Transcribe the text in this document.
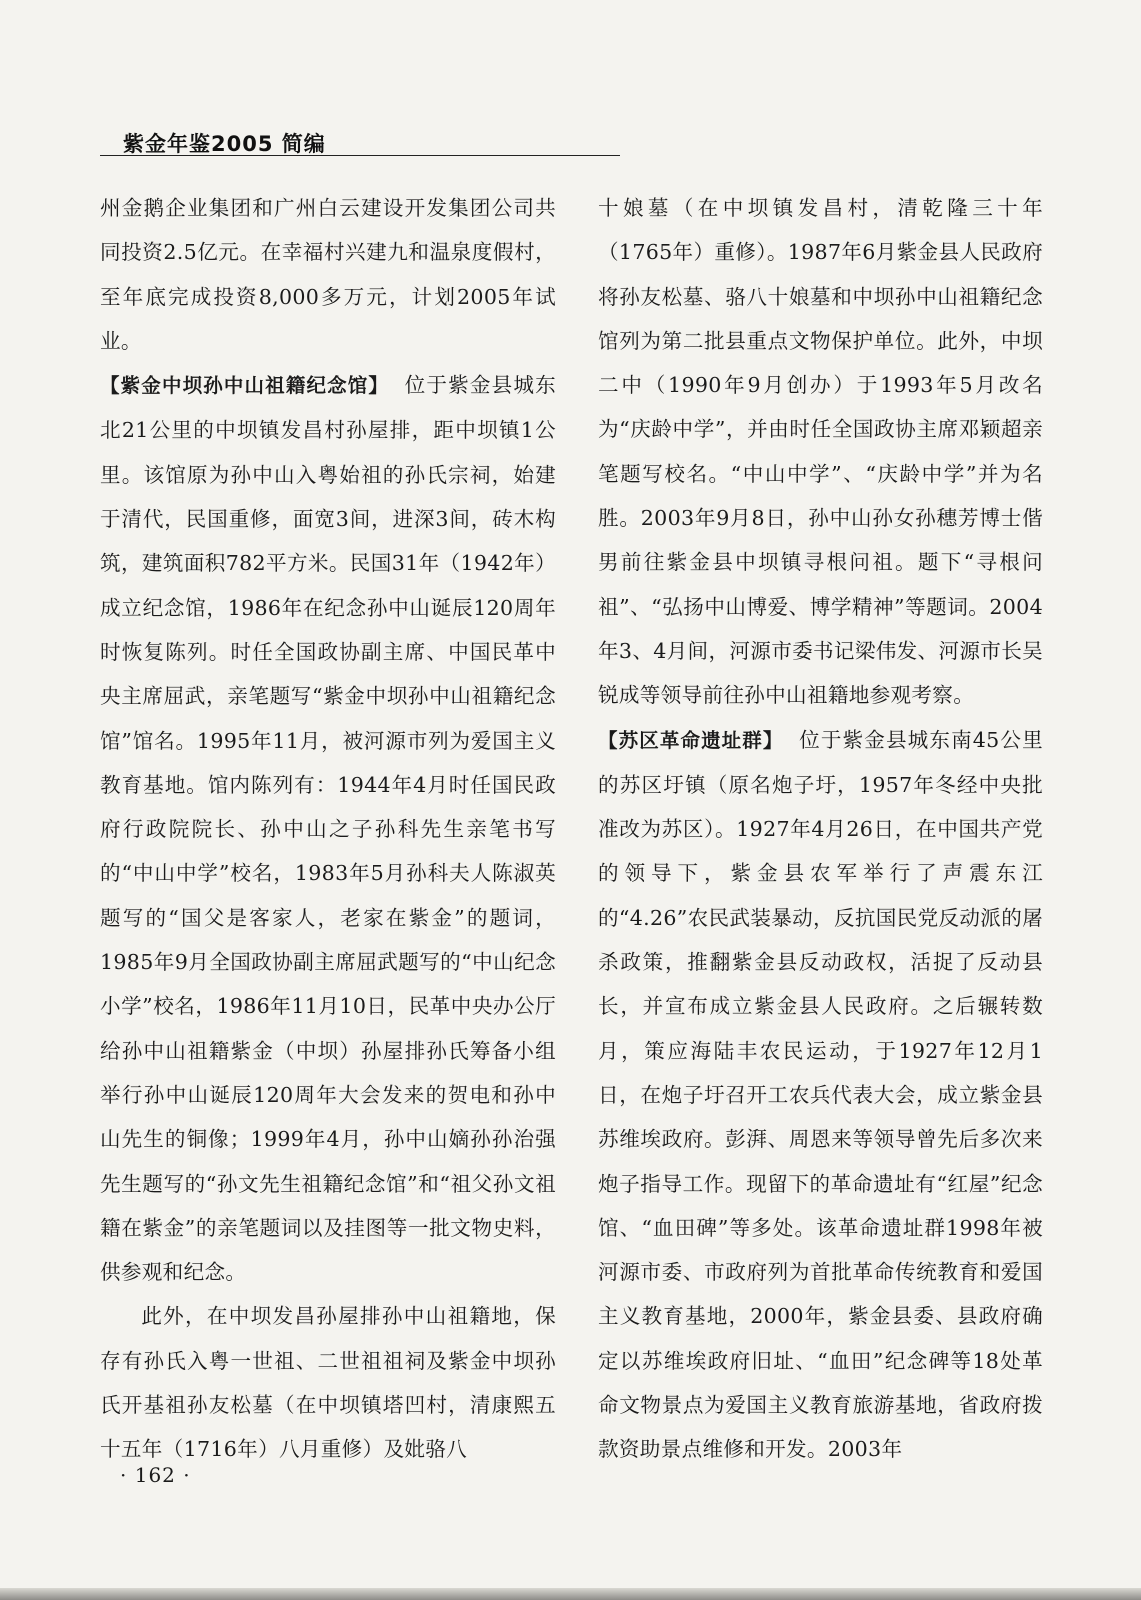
紫金年鉴2005 简编

州金鹅企业集团和广州白云建设开发集团公司共同投资2.5亿元。在幸福村兴建九和温泉度假村，至年底完成投资8,000多万元，计划2005年试业。

【紫金中坝孙中山祖籍纪念馆】 位于紫金县城东北21公里的中坝镇发昌村孙屋排，距中坝镇1公里。该馆原为孙中山入粤始祖的孙氏宗祠，始建于清代，民国重修，面宽3间，进深3间，砖木构筑，建筑面积782平方米。民国31年（1942年）成立纪念馆，1986年在纪念孙中山诞辰120周年时恢复陈列。时任全国政协副主席、中国民革中央主席屈武，亲笔题写“紫金中坝孙中山祖籍纪念馆”馆名。1995年11月，被河源市列为爱国主义教育基地。馆内陈列有：1944年4月时任国民政府行政院院长、孙中山之子孙科先生亲笔书写的“中山中学”校名，1983年5月孙科夫人陈淑英题写的“国父是客家人，老家在紫金”的题词，1985年9月全国政协副主席屈武题写的“中山纪念小学”校名，1986年11月10日，民革中央办公厅给孙中山祖籍紫金（中坝）孙屋排孙氏筹备小组举行孙中山诞辰120周年大会发来的贺电和孙中山先生的铜像；1999年4月，孙中山嫡孙孙治强先生题写的“孙文先生祖籍纪念馆”和“祖父孙文祖籍在紫金”的亲笔题词以及挂图等一批文物史料，供参观和纪念。

此外，在中坝发昌孙屋排孙中山祖籍地，保存有孙氏入粤一世祖、二世祖祖祠及紫金中坝孙氏开基祖孙友松墓（在中坝镇塔凹村，清康熙五十五年（1716年）八月重修）及妣骆八

十娘墓（在中坝镇发昌村，清乾隆三十年（1765年）重修）。1987年6月紫金县人民政府将孙友松墓、骆八十娘墓和中坝孙中山祖籍纪念馆列为第二批县重点文物保护单位。此外，中坝二中（1990年9月创办）于1993年5月改名为“庆龄中学”，并由时任全国政协主席邓颖超亲笔题写校名。“中山中学”、“庆龄中学”并为名胜。2003年9月8日，孙中山孙女孙穗芳博士偕男前往紫金县中坝镇寻根问祖。题下“寻根问祖”、“弘扬中山博爱、博学精神”等题词。2004年3、4月间，河源市委书记梁伟发、河源市长吴锐成等领导前往孙中山祖籍地参观考察。

【苏区革命遗址群】 位于紫金县城东南45公里的苏区圩镇（原名炮子圩，1957年冬经中央批准改为苏区）。1927年4月26日，在中国共产党的领导下，紫金县农军举行了声震东江的“4.26”农民武装暴动，反抗国民党反动派的屠杀政策，推翻紫金县反动政权，活捉了反动县长，并宣布成立紫金县人民政府。之后辗转数月，策应海陆丰农民运动，于1927年12月1日，在炮子圩召开工农兵代表大会，成立紫金县苏维埃政府。彭湃、周恩来等领导曾先后多次来炮子指导工作。现留下的革命遗址有“红屋”纪念馆、“血田碑”等多处。该革命遗址群1998年被河源市委、市政府列为首批革命传统教育和爱国主义教育基地，2000年，紫金县委、县政府确定以苏维埃政府旧址、“血田”纪念碑等18处革命文物景点为爱国主义教育旅游基地，省政府拨款资助景点维修和开发。2003年

· 162 ·
